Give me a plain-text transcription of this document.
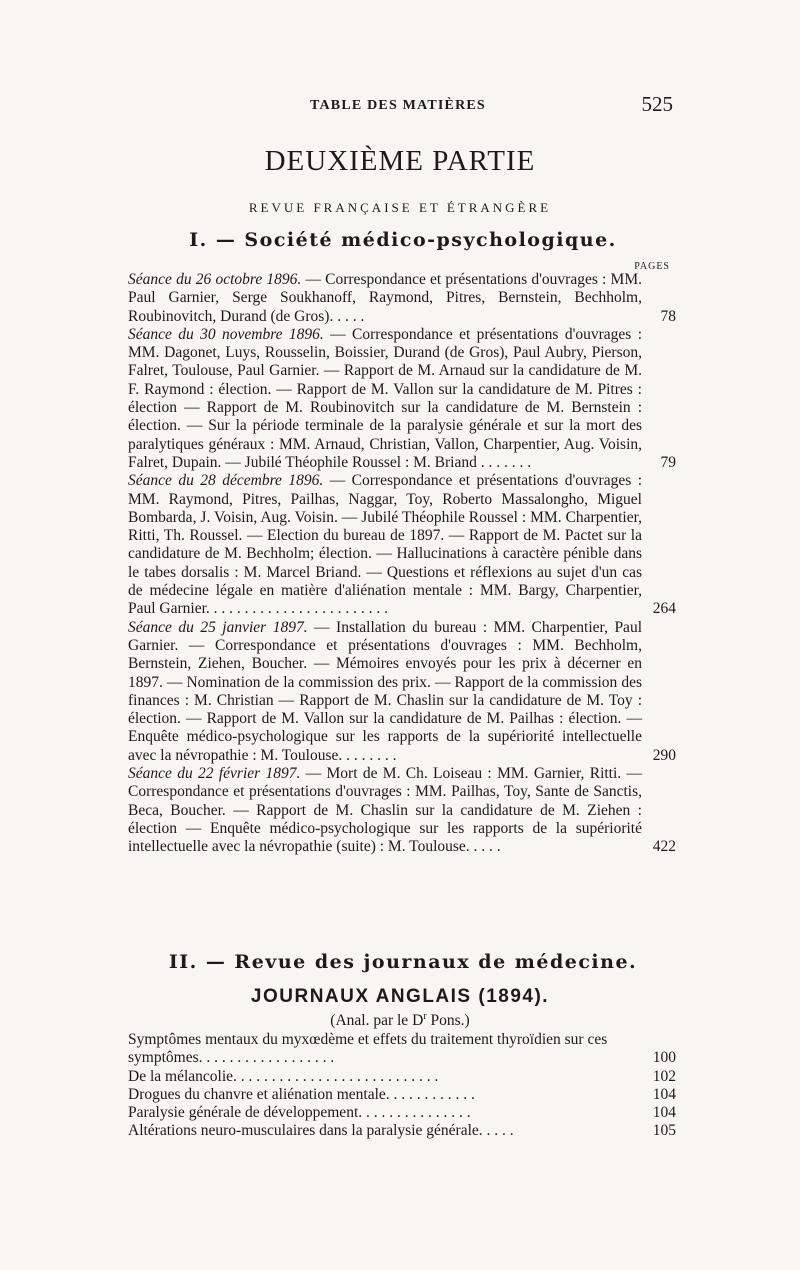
TABLE DES MATIÈRES	525
DEUXIÈME PARTIE
REVUE FRANÇAISE ET ÉTRANGÈRE
I. — Société médico-psychologique.
PAGES
Séance du 26 octobre 1896. — Correspondance et présentations d'ouvrages : MM. Paul Garnier, Serge Soukhanoff, Raymond, Pitres, Bernstein, Bechholm, Roubinovitch, Durand (de Gros). . . . .	78
Séance du 30 novembre 1896. — Correspondance et présentations d'ouvrages : MM. Dagonet, Luys, Rousselin, Boissier, Durand (de Gros), Paul Aubry, Pierson, Falret, Toulouse, Paul Garnier. — Rapport de M. Arnaud sur la candidature de M. F. Raymond : élection. — Rapport de M. Vallon sur la candidature de M. Pitres : élection — Rapport de M. Roubinovitch sur la candidature de M. Bernstein : élection. — Sur la période terminale de la paralysie générale et sur la mort des paralytiques généraux : MM. Arnaud, Christian, Vallon, Charpentier, Aug. Voisin, Falret, Dupain. — Jubilé Théophile Roussel : M. Briand . . . . . . .	79
Séance du 28 décembre 1896. — Correspondance et présentations d'ouvrages : MM. Raymond, Pitres, Pailhas, Naggar, Toy, Roberto Massalongho, Miguel Bombarda, J. Voisin, Aug. Voisin. — Jubilé Théophile Roussel : MM. Charpentier, Ritti, Th. Roussel. — Election du bureau de 1897. — Rapport de M. Pactet sur la candidature de M. Bechholm; élection. — Hallucinations à caractère pénible dans le tabes dorsalis : M. Marcel Briand. — Questions et réflexions au sujet d'un cas de médecine légale en matière d'aliénation mentale : MM. Bargy, Charpentier, Paul Garnier. . . . . . . . . . . . . . . . . . . . . . . .	264
Séance du 25 janvier 1897. — Installation du bureau : MM. Charpentier, Paul Garnier. — Correspondance et présentations d'ouvrages : MM. Bechholm, Bernstein, Ziehen, Boucher. — Mémoires envoyés pour les prix à décerner en 1897. — Nomination de la commission des prix. — Rapport de la commission des finances : M. Christian — Rapport de M. Chaslin sur la candidature de M. Toy : élection. — Rapport de M. Vallon sur la candidature de M. Pailhas : élection. — Enquête médico-psychologique sur les rapports de la supériorité intellectuelle avec la névropathie : M. Toulouse. . . . . . . .	290
Séance du 22 février 1897. — Mort de M. Ch. Loiseau : MM. Garnier, Ritti. — Correspondance et présentations d'ouvrages : MM. Pailhas, Toy, Sante de Sanctis, Beca, Boucher. — Rapport de M. Chaslin sur la candidature de M. Ziehen : élection — Enquête médico-psychologique sur les rapports de la supériorité intellectuelle avec la névropathie (suite) : M. Toulouse. . . . .	422
II. — Revue des journaux de médecine.
JOURNAUX ANGLAIS (1894).
(Anal. par le $D^r$ Pons.)
Symptômes mentaux du myxœdème et effets du traitement thyroïdien sur ces symptômes. . . . . . . . . . . . . . . . . .	100
De la mélancolie. . . . . . . . . . . . . . . . . . . . . . . . . . .	102
Drogues du chanvre et aliénation mentale. . . . . . . . . . . .	104
Paralysie générale de développement. . . . . . . . . . . . . . .	104
Altérations neuro-musculaires dans la paralysie générale. . . . .	105
